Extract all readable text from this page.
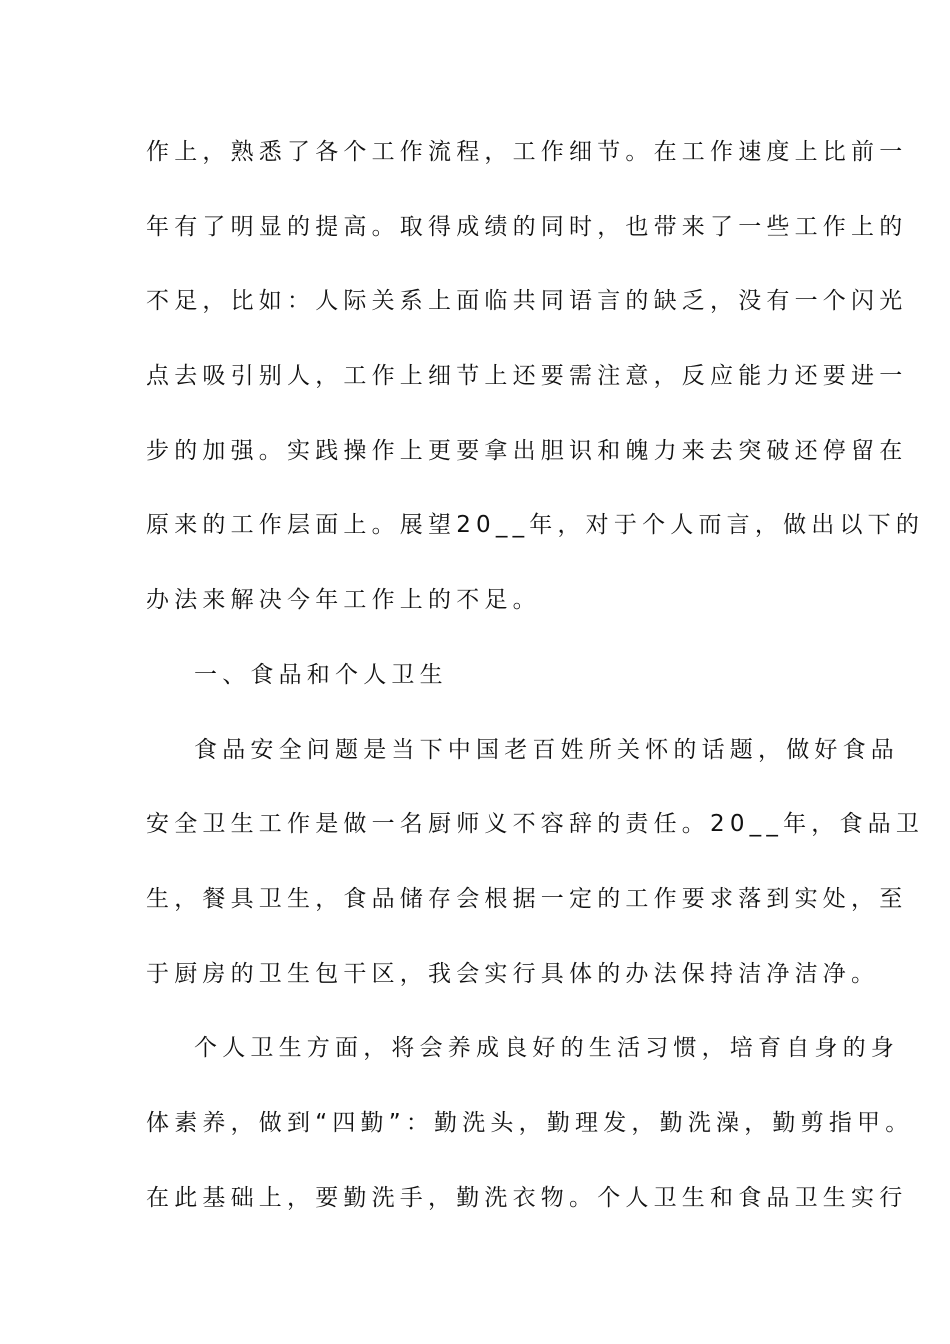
作上，熟悉了各个工作流程，工作细节。在工作速度上比前一
年有了明显的提高。取得成绩的同时，也带来了一些工作上的
不足，比如：人际关系上面临共同语言的缺乏，没有一个闪光
点去吸引别人，工作上细节上还要需注意，反应能力还要进一
步的加强。实践操作上更要拿出胆识和魄力来去突破还停留在
原来的工作层面上。展望20__年，对于个人而言，做出以下的
办法来解决今年工作上的不足。
一、食品和个人卫生
食品安全问题是当下中国老百姓所关怀的话题，做好食品
安全卫生工作是做一名厨师义不容辞的责任。20__年，食品卫
生，餐具卫生，食品储存会根据一定的工作要求落到实处，至
于厨房的卫生包干区，我会实行具体的办法保持洁净洁净。
个人卫生方面，将会养成良好的生活习惯，培育自身的身
体素养，做到“四勤”：勤洗头，勤理发，勤洗澡，勤剪指甲。
在此基础上，要勤洗手，勤洗衣物。个人卫生和食品卫生实行
